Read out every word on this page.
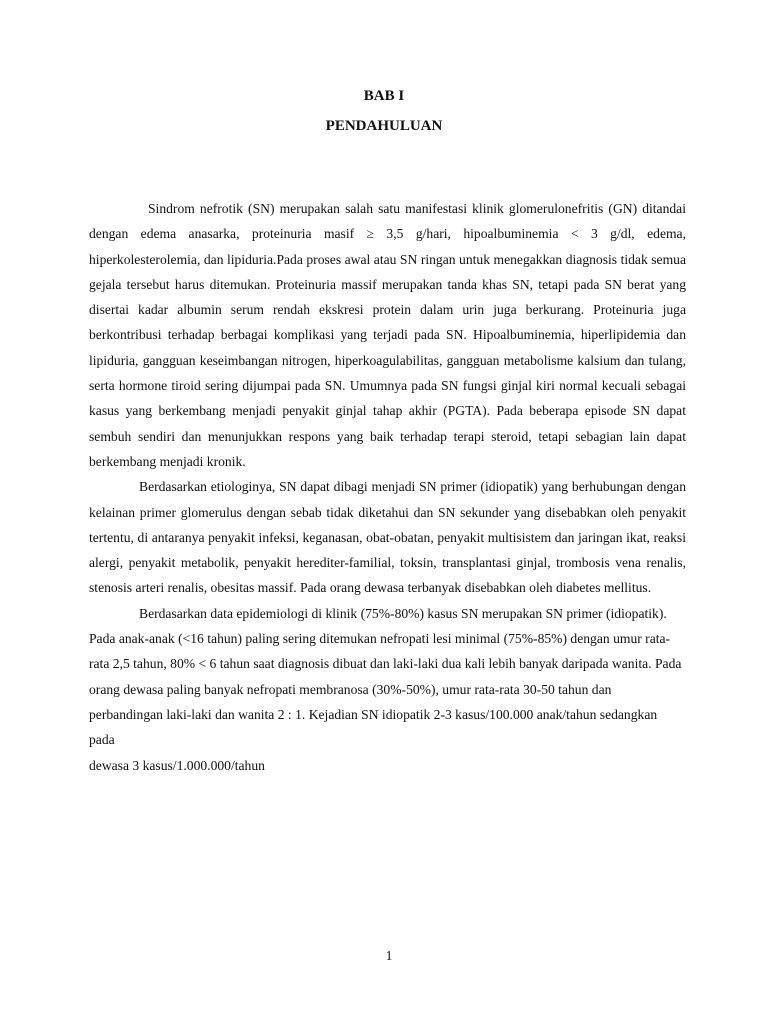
BAB I
PENDAHULUAN

Sindrom nefrotik (SN) merupakan salah satu manifestasi klinik glomerulonefritis (GN) ditandai dengan edema anasarka, proteinuria masif ≥ 3,5 g/hari, hipoalbuminemia < 3 g/dl, edema, hiperkolesterolemia, dan lipiduria.Pada proses awal atau SN ringan untuk menegakkan diagnosis tidak semua gejala tersebut harus ditemukan. Proteinuria massif merupakan tanda khas SN, tetapi pada SN berat yang disertai kadar albumin serum rendah ekskresi protein dalam urin juga berkurang. Proteinuria juga berkontribusi terhadap berbagai komplikasi yang terjadi pada SN. Hipoalbuminemia, hiperlipidemia dan lipiduria, gangguan keseimbangan nitrogen, hiperkoagulabilitas, gangguan metabolisme kalsium dan tulang, serta hormone tiroid sering dijumpai pada SN. Umumnya pada SN fungsi ginjal kiri normal kecuali sebagai kasus yang berkembang menjadi penyakit ginjal tahap akhir (PGTA). Pada beberapa episode SN dapat sembuh sendiri dan menunjukkan respons yang baik terhadap terapi steroid, tetapi sebagian lain dapat berkembang menjadi kronik.

Berdasarkan etiologinya, SN dapat dibagi menjadi SN primer (idiopatik) yang berhubungan dengan kelainan primer glomerulus dengan sebab tidak diketahui dan SN sekunder yang disebabkan oleh penyakit tertentu, di antaranya penyakit infeksi, keganasan, obat-obatan, penyakit multisistem dan jaringan ikat, reaksi alergi, penyakit metabolik, penyakit herediter-familial, toksin, transplantasi ginjal, trombosis vena renalis, stenosis arteri renalis, obesitas massif. Pada orang dewasa terbanyak disebabkan oleh diabetes mellitus.

Berdasarkan data epidemiologi di klinik (75%-80%) kasus SN merupakan SN primer (idiopatik). Pada anak-anak (<16 tahun) paling sering ditemukan nefropati lesi minimal (75%-85%) dengan umur rata-rata 2,5 tahun, 80% < 6 tahun saat diagnosis dibuat dan laki-laki dua kali lebih banyak daripada wanita. Pada orang dewasa paling banyak nefropati membranosa (30%-50%), umur rata-rata 30-50 tahun dan perbandingan laki-laki dan wanita 2 : 1. Kejadian SN idiopatik 2-3 kasus/100.000 anak/tahun sedangkan pada

dewasa 3 kasus/1.000.000/tahun

1
